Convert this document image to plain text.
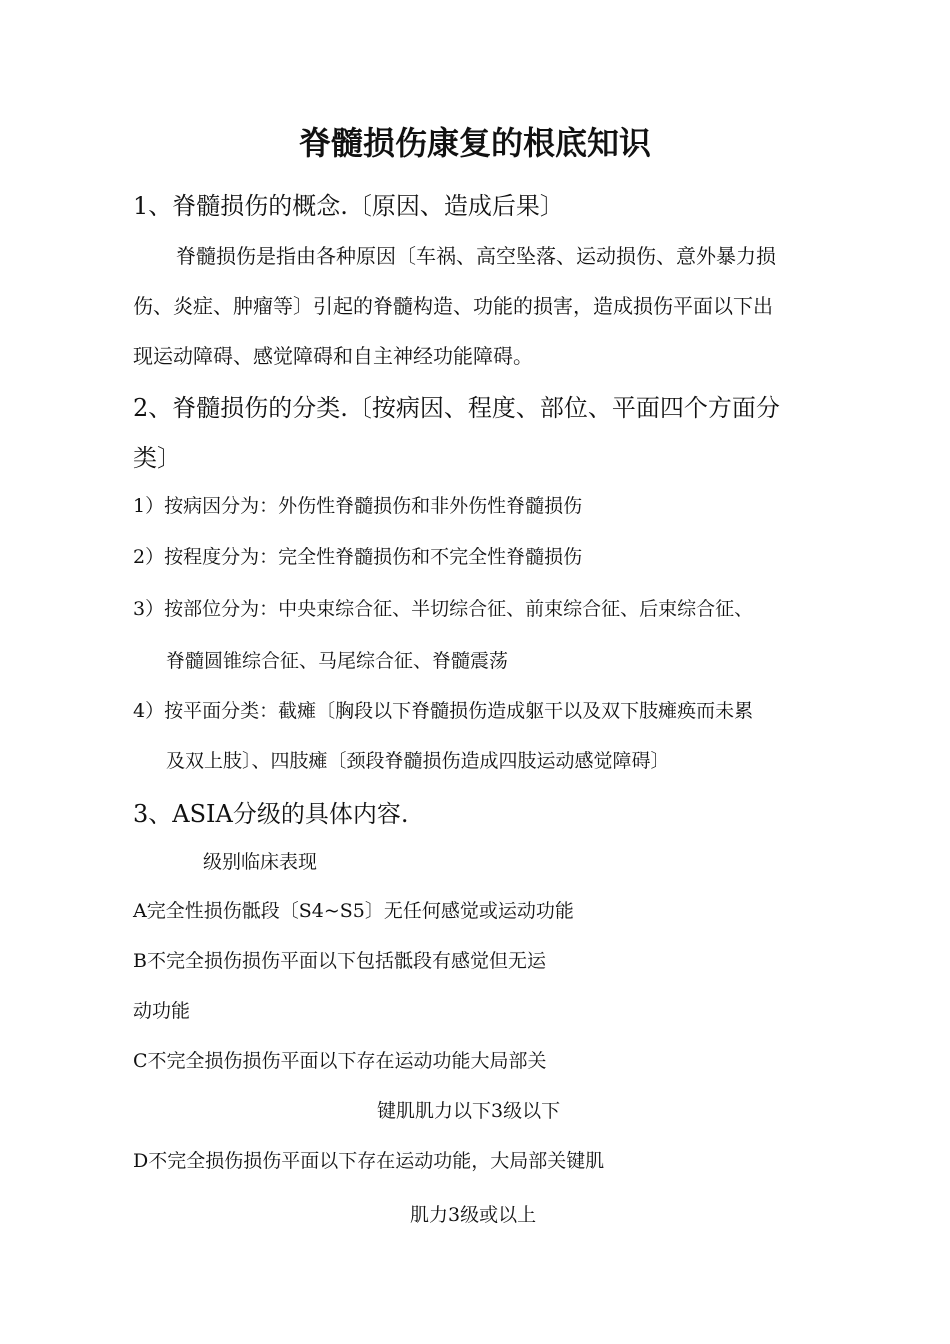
脊髓损伤康复的根底知识
1、脊髓损伤的概念.〔原因、造成后果〕
脊髓损伤是指由各种原因〔车祸、高空坠落、运动损伤、意外暴力损
伤、炎症、肿瘤等〕引起的脊髓构造、功能的损害，造成损伤平面以下出
现运动障碍、感觉障碍和自主神经功能障碍。
2、脊髓损伤的分类.〔按病因、程度、部位、平面四个方面分
类〕
1）按病因分为：外伤性脊髓损伤和非外伤性脊髓损伤
2）按程度分为：完全性脊髓损伤和不完全性脊髓损伤
3）按部位分为：中央束综合征、半切综合征、前束综合征、后束综合征、
脊髓圆锥综合征、马尾综合征、脊髓震荡
4）按平面分类：截瘫〔胸段以下脊髓损伤造成躯干以及双下肢瘫痪而未累
及双上肢〕、四肢瘫〔颈段脊髓损伤造成四肢运动感觉障碍〕
3、ASIA分级的具体内容.
级别临床表现
A完全性损伤骶段〔S4~S5〕无任何感觉或运动功能
B不完全损伤损伤平面以下包括骶段有感觉但无运
动功能
C不完全损伤损伤平面以下存在运动功能大局部关
键肌肌力以下3级以下
D不完全损伤损伤平面以下存在运动功能，大局部关键肌
肌力3级或以上
